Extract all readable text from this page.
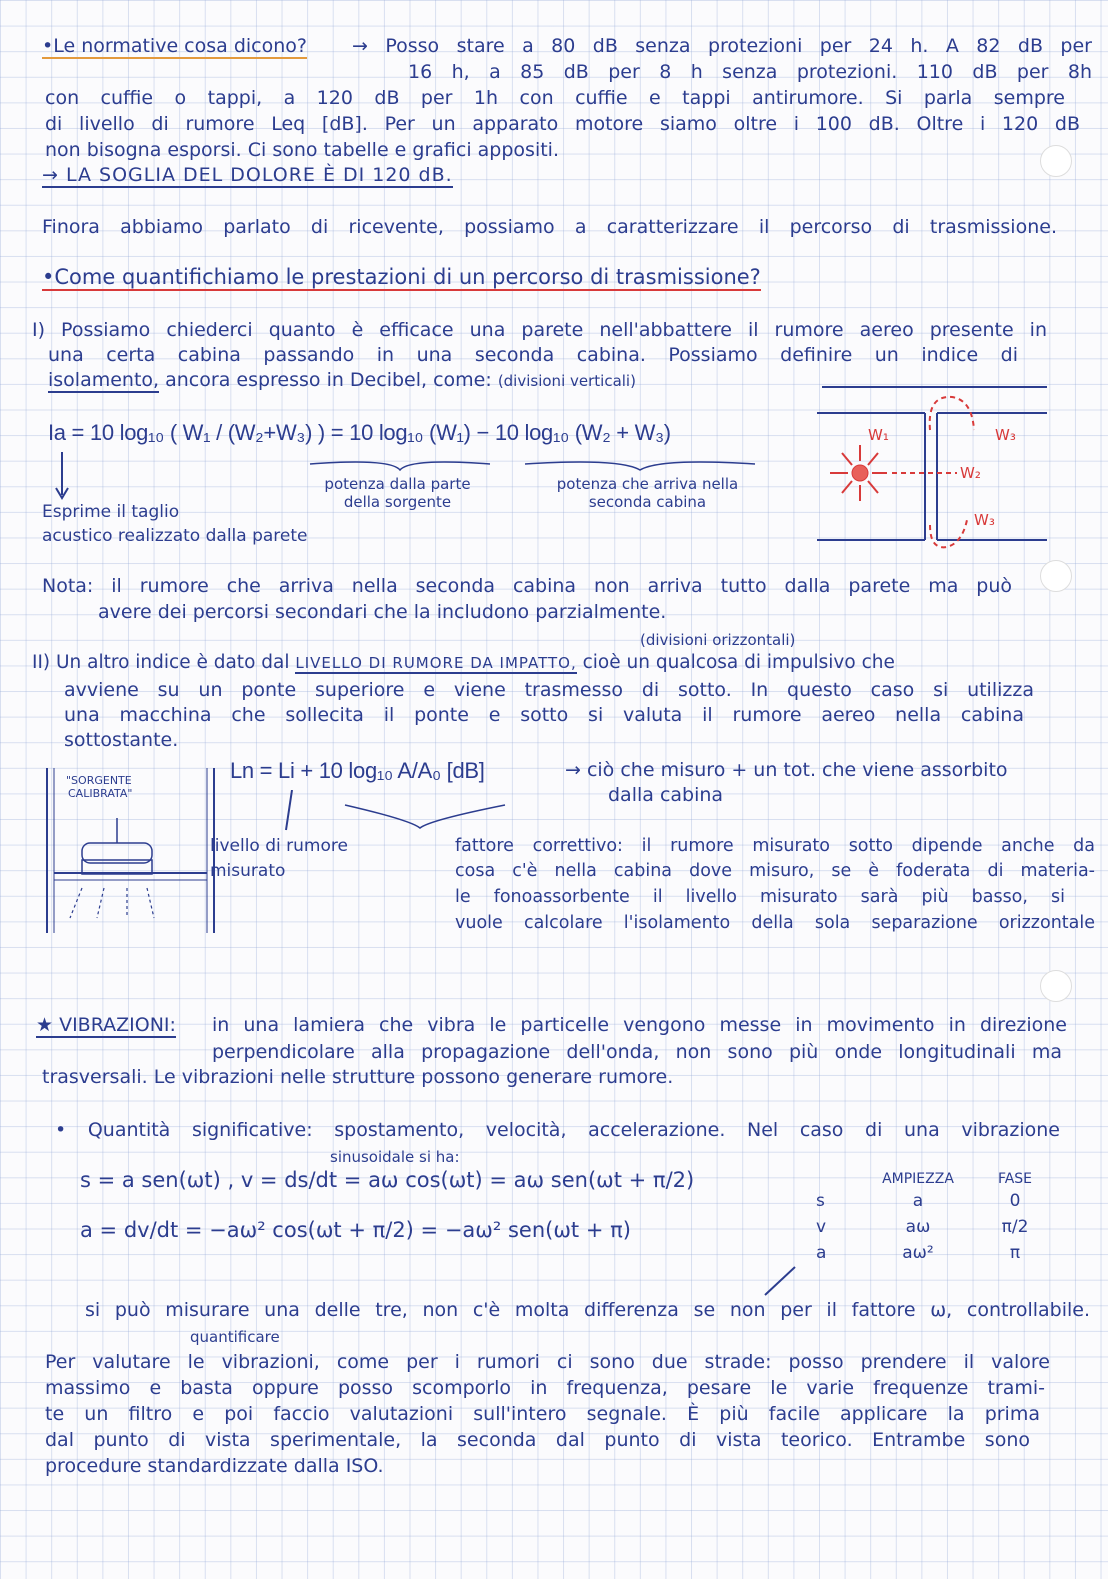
•Le normative cosa dicono? → Posso stare a 80 dB senza protezioni per 24 h. A 82 dB per
16 h, a 85 dB per 8 h senza protezioni. 110 dB per 8h
con cuffie o tappi, a 120 dB per 1h con cuffie e tappi antirumore. Si parla sempre
di livello di rumore Leq [dB]. Per un apparato motore siamo oltre i 100 dB. Oltre i 120 dB
non bisogna esporsi. Ci sono tabelle e grafici appositi.
→ LA SOGLIA DEL DOLORE È DI 120 dB.
Finora abbiamo parlato di ricevente, possiamo a caratterizzare il percorso di trasmissione.
•Come quantifichiamo le prestazioni di un percorso di trasmissione?
I) Possiamo chiederci quanto è efficace una parete nell'abbattere il rumore aereo presente in
una certa cabina passando in una seconda cabina. Possiamo definire un indice di
isolamento, ancora espresso in Decibel, come: (divisioni verticali)
Ia = 10 log₁₀ ( W₁ / (W₂+W₃) ) = 10 log₁₀ (W₁) − 10 log₁₀ (W₂ + W₃)
potenza dalla parte
della sorgente
potenza che arriva nella
seconda cabina
Esprime il taglio
acustico realizzato dalla parete
W₁
W₂
W₃
W₃
Nota: il rumore che arriva nella seconda cabina non arriva tutto dalla parete ma può
avere dei percorsi secondari che la includono parzialmente.
(divisioni orizzontali)
II) Un altro indice è dato dal LIVELLO DI RUMORE DA IMPATTO, cioè un qualcosa di impulsivo che
avviene su un ponte superiore e viene trasmesso di sotto. In questo caso si utilizza
una macchina che sollecita il ponte e sotto si valuta il rumore aereo nella cabina
sottostante.
"SORGENTE
CALIBRATA"
Ln = Li + 10 log₁₀ A/A₀ [dB]	→ ciò che misuro + un tot. che viene assorbito
dalla cabina
livello di rumore
misurato
fattore correttivo: il rumore misurato sotto dipende anche da
cosa c'è nella cabina dove misuro, se è foderata di materia-
le fonoassorbente il livello misurato sarà più basso, si
vuole calcolare l'isolamento della sola separazione orizzontale
★ VIBRAZIONI: in una lamiera che vibra le particelle vengono messe in movimento in direzione
perpendicolare alla propagazione dell'onda, non sono più onde longitudinali ma
trasversali. Le vibrazioni nelle strutture possono generare rumore.
• Quantità significative: spostamento, velocità, accelerazione. Nel caso di una vibrazione
sinusoidale si ha:
s = a sen(ωt) , v = ds/dt = aω cos(ωt) = aω sen(ωt + π/2)
a = dv/dt = −aω² cos(ωt + π/2) = −aω² sen(ωt + π)
	AMPIEZZA	FASE
s	a	0
v	aω	π/2
a	aω²	π
si può misurare una delle tre, non c'è molta differenza se non per il fattore ω, controllabile.
quantificare
Per valutare le vibrazioni, come per i rumori ci sono due strade: posso prendere il valore
massimo e basta oppure posso scomporlo in frequenza, pesare le varie frequenze trami-
te un filtro e poi faccio valutazioni sull'intero segnale. È più facile applicare la prima
dal punto di vista sperimentale, la seconda dal punto di vista teorico. Entrambe sono
procedure standardizzate dalla ISO.
